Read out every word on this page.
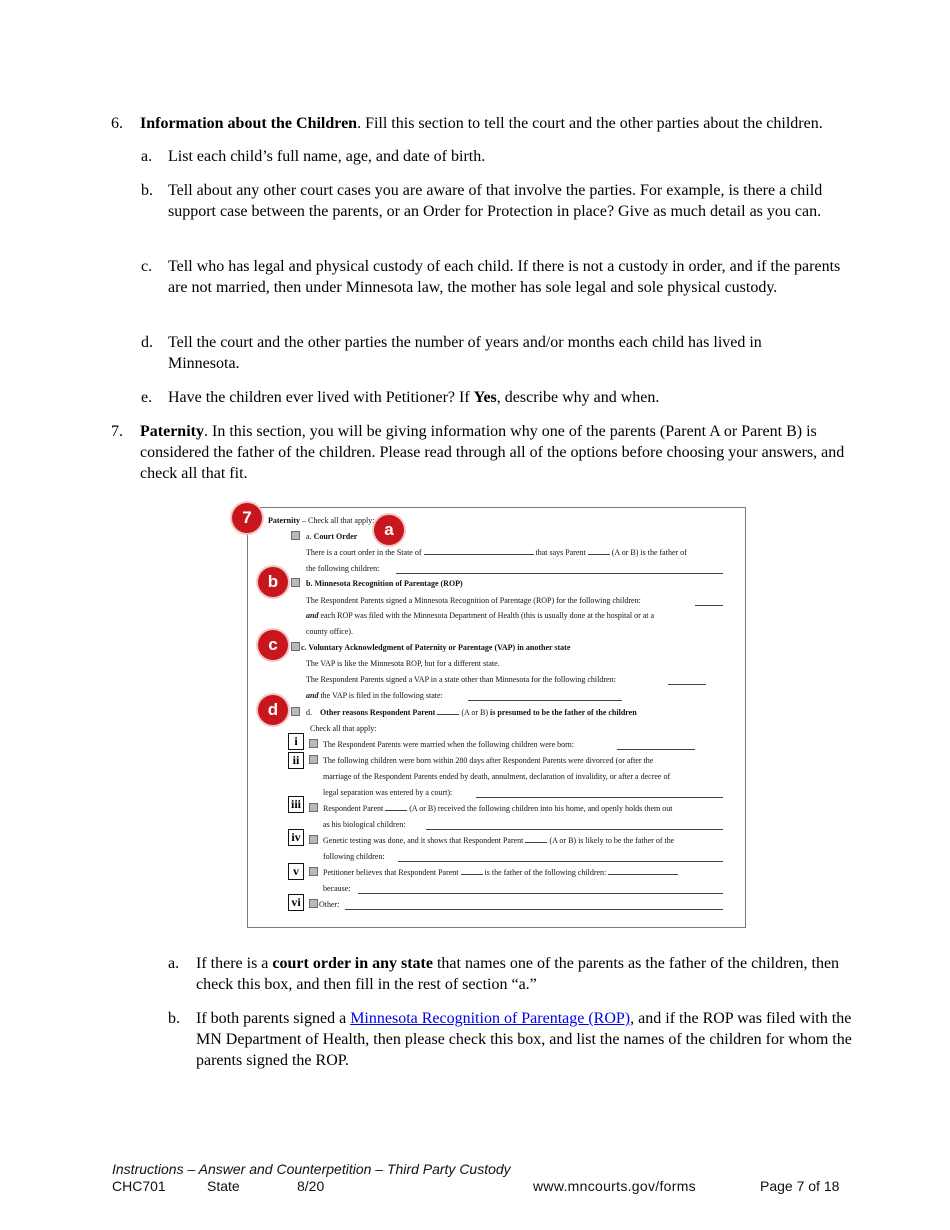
6. Information about the Children. Fill this section to tell the court and the other parties about the children.
a. List each child’s full name, age, and date of birth.
b. Tell about any other court cases you are aware of that involve the parties. For example, is there a child support case between the parents, or an Order for Protection in place? Give as much detail as you can.
c. Tell who has legal and physical custody of each child. If there is not a custody in order, and if the parents are not married, then under Minnesota law, the mother has sole legal and sole physical custody.
d. Tell the court and the other parties the number of years and/or months each child has lived in Minnesota.
e. Have the children ever lived with Petitioner? If Yes, describe why and when.
7. Paternity. In this section, you will be giving information why one of the parents (Parent A or Parent B) is considered the father of the children. Please read through all of the options before choosing your answers, and check all that fit.
Paternity – Check all that apply:
a. Court Order
There is a court order in the State of	that says Parent	(A or B) is the father of
the following children:
b. Minnesota Recognition of Parentage (ROP)
The Respondent Parents signed a Minnesota Recognition of Parentage (ROP) for the following children:
and each ROP was filed with the Minnesota Department of Health (this is usually done at the hospital or at a
county office).
c. Voluntary Acknowledgment of Paternity or Parentage (VAP) in another state
The VAP is like the Minnesota ROP, but for a different state.
The Respondent Parents signed a VAP in a state other than Minnesota for the following children:
and the VAP is filed in the following state:
d. Other reasons Respondent Parent	(A or B) is presumed to be the father of the children
Check all that apply:
The Respondent Parents were married when the following children were born:
The following children were born within 280 days after Respondent Parents were divorced (or after the
marriage of the Respondent Parents ended by death, annulment, declaration of invalidity, or after a decree of
legal separation was entered by a court):
Respondent Parent	(A or B) received the following children into his home, and openly holds them out
as his biological children:
Genetic testing was done, and it shows that Respondent Parent	(A or B) is likely to be the father of the
following children:
Petitioner believes that Respondent Parent	is the father of the following children:
because:
Other:
i
ii
iii
iv
v
vi
7
a
b
c
d
a. If there is a court order in any state that names one of the parents as the father of the children, then check this box, and then fill in the rest of section “a.”
b. If both parents signed a Minnesota Recognition of Parentage (ROP), and if the ROP was filed with the MN Department of Health, then please check this box, and list the names of the children for whom the parents signed the ROP.
Instructions – Answer and Counterpetition – Third Party Custody
CHC701	State	8/20	www.mncourts.gov/forms	Page 7 of 18
